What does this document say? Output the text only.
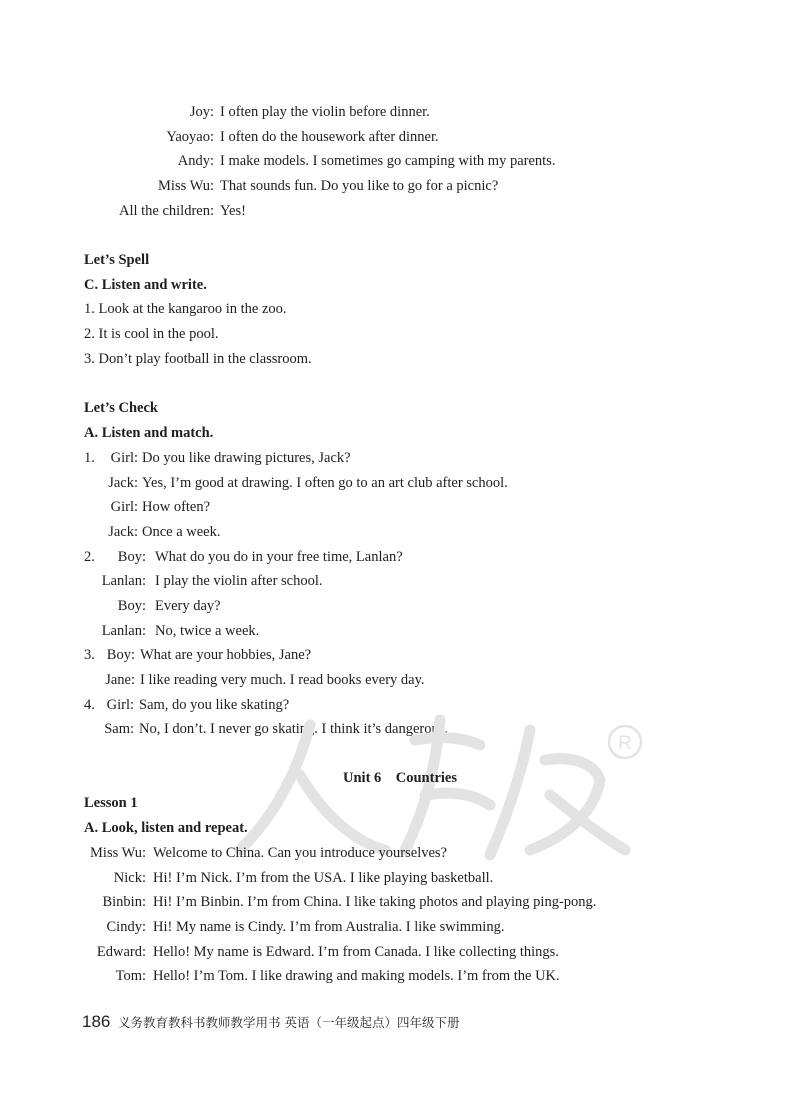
Joy: I often play the violin before dinner.
Yaoyao: I often do the housework after dinner.
Andy: I make models. I sometimes go camping with my parents.
Miss Wu: That sounds fun. Do you like to go for a picnic?
All the children: Yes!
Let’s Spell
C. Listen and write.
1. Look at the kangaroo in the zoo.
2. It is cool in the pool.
3. Don’t play football in the classroom.
Let’s Check
A. Listen and match.
1. Girl: Do you like drawing pictures, Jack?
Jack: Yes, I’m good at drawing. I often go to an art club after school.
Girl: How often?
Jack: Once a week.
2. Boy: What do you do in your free time, Lanlan?
Lanlan: I play the violin after school.
Boy: Every day?
Lanlan: No, twice a week.
3. Boy: What are your hobbies, Jane?
Jane: I like reading very much. I read books every day.
4. Girl: Sam, do you like skating?
Sam: No, I don’t. I never go skating. I think it’s dangerous.
R
Unit 6    Countries
Lesson 1
A. Look, listen and repeat.
Miss Wu: Welcome to China. Can you introduce yourselves?
Nick: Hi! I’m Nick. I’m from the USA. I like playing basketball.
Binbin: Hi! I’m Binbin. I’m from China. I like taking photos and playing ping-pong.
Cindy: Hi! My name is Cindy. I’m from Australia. I like swimming.
Edward: Hello! My name is Edward. I’m from Canada. I like collecting things.
Tom: Hello! I’m Tom. I like drawing and making models. I’m from the UK.
186 义务教育教科书教师教学用书 英语（一年级起点）四年级下册
